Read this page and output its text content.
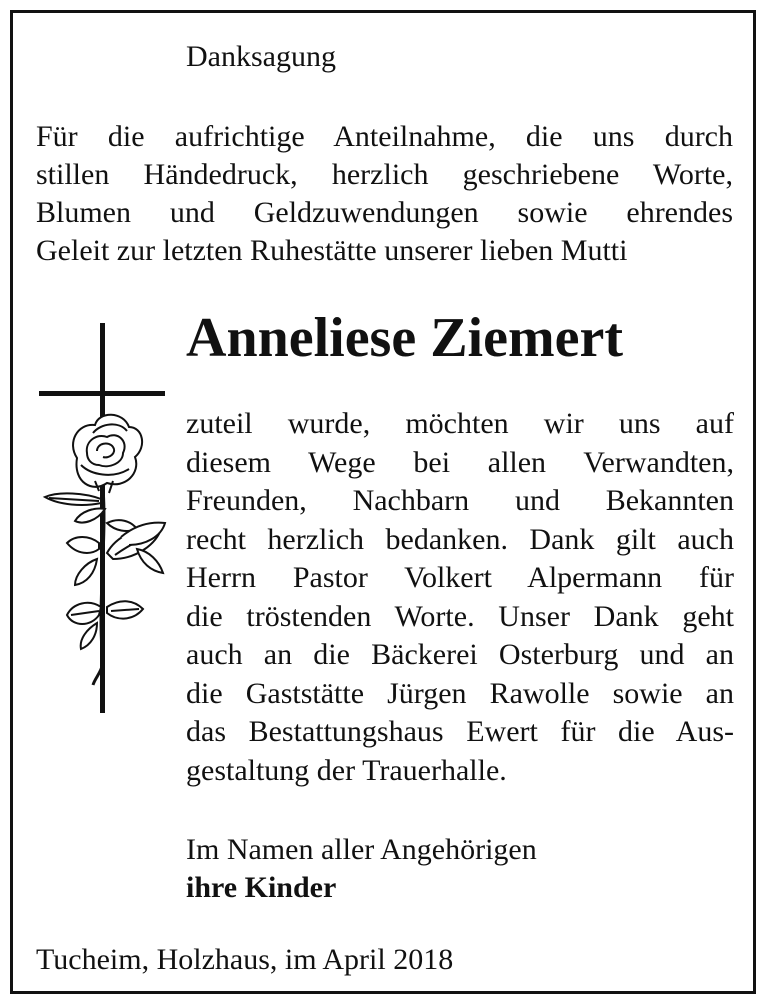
Danksagung
Für die aufrichtige Anteilnahme, die uns durch
stillen Händedruck, herzlich geschriebene Worte,
Blumen und Geldzuwendungen sowie ehrendes
Geleit zur letzten Ruhestätte unserer lieben Mutti
Anneliese Ziemert
zuteil wurde, möchten wir uns auf
diesem Wege bei allen Verwandten,
Freunden, Nachbarn und Bekannten
recht herzlich bedanken. Dank gilt auch
Herrn Pastor Volkert Alpermann für
die tröstenden Worte. Unser Dank geht
auch an die Bäckerei Osterburg und an
die Gaststätte Jürgen Rawolle sowie an
das Bestattungshaus Ewert für die Aus-
gestaltung der Trauerhalle.
Im Namen aller Angehörigen
ihre Kinder
Tucheim, Holzhaus, im April 2018
